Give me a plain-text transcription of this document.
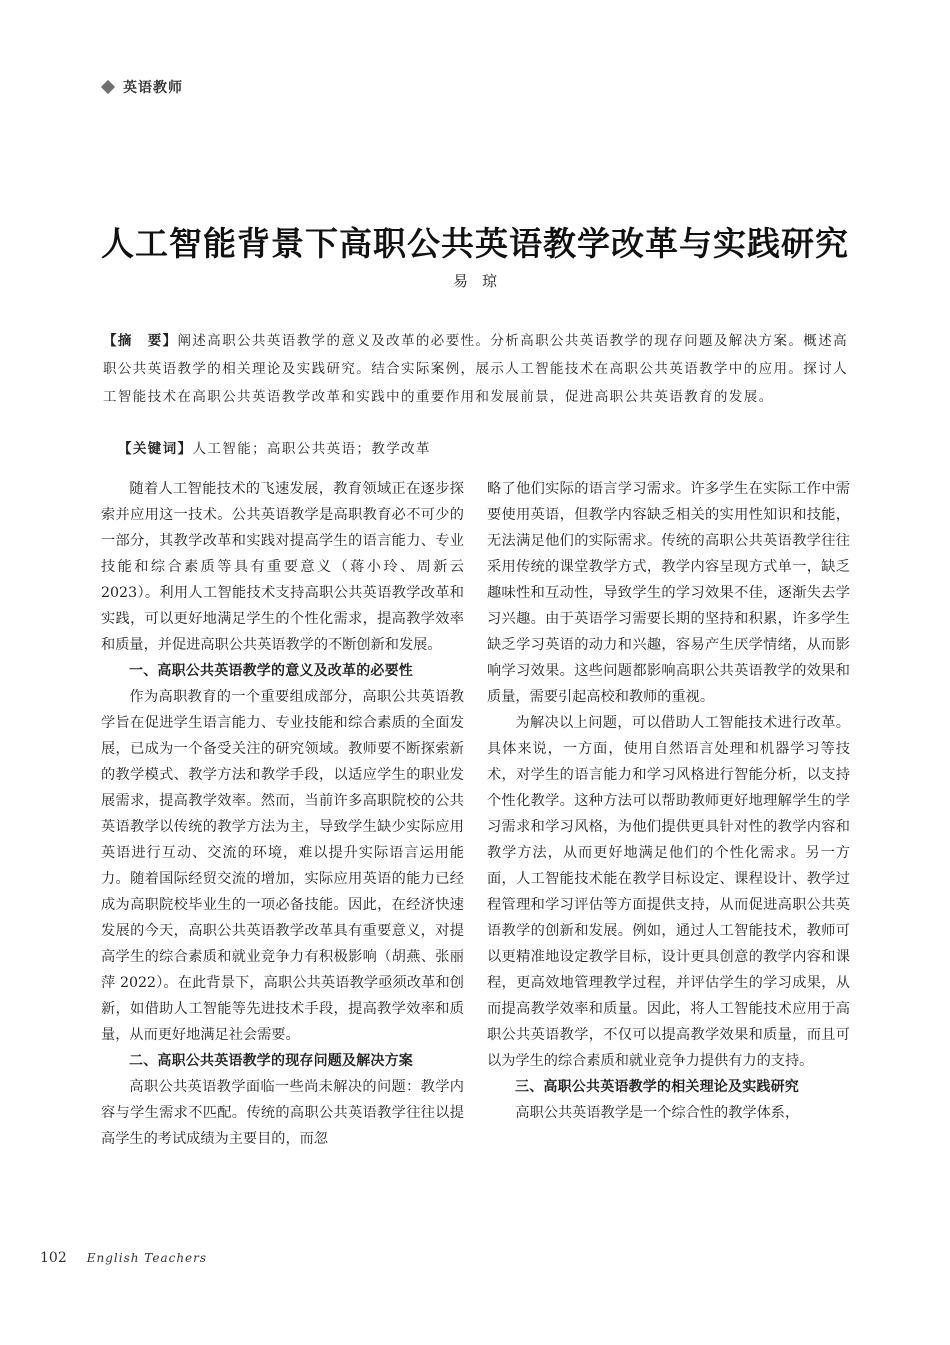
英语教师
人工智能背景下高职公共英语教学改革与实践研究
易琼
【摘　要】阐述高职公共英语教学的意义及改革的必要性。分析高职公共英语教学的现存问题及解决方案。概述高职公共英语教学的相关理论及实践研究。结合实际案例，展示人工智能技术在高职公共英语教学中的应用。探讨人工智能技术在高职公共英语教学改革和实践中的重要作用和发展前景，促进高职公共英语教育的发展。
【关键词】人工智能；高职公共英语；教学改革

随着人工智能技术的飞速发展，教育领域正在逐步探索并应用这一技术。公共英语教学是高职教育必不可少的一部分，其教学改革和实践对提高学生的语言能力、专业技能和综合素质等具有重要意义（蒋小玲、周新云 2023）。利用人工智能技术支持高职公共英语教学改革和实践，可以更好地满足学生的个性化需求，提高教学效率和质量，并促进高职公共英语教学的不断创新和发展。

一、高职公共英语教学的意义及改革的必要性

作为高职教育的一个重要组成部分，高职公共英语教学旨在促进学生语言能力、专业技能和综合素质的全面发展，已成为一个备受关注的研究领域。教师要不断探索新的教学模式、教学方法和教学手段，以适应学生的职业发展需求，提高教学效率。然而，当前许多高职院校的公共英语教学以传统的教学方法为主，导致学生缺少实际应用英语进行互动、交流的环境，难以提升实际语言运用能力。随着国际经贸交流的增加，实际应用英语的能力已经成为高职院校毕业生的一项必备技能。因此，在经济快速发展的今天，高职公共英语教学改革具有重要意义，对提高学生的综合素质和就业竞争力有积极影响（胡燕、张丽萍 2022）。在此背景下，高职公共英语教学亟须改革和创新，如借助人工智能等先进技术手段，提高教学效率和质量，从而更好地满足社会需要。

二、高职公共英语教学的现存问题及解决方案

高职公共英语教学面临一些尚未解决的问题：教学内容与学生需求不匹配。传统的高职公共英语教学往往以提高学生的考试成绩为主要目的，而忽

略了他们实际的语言学习需求。许多学生在实际工作中需要使用英语，但教学内容缺乏相关的实用性知识和技能，无法满足他们的实际需求。传统的高职公共英语教学往往采用传统的课堂教学方式，教学内容呈现方式单一，缺乏趣味性和互动性，导致学生的学习效果不佳，逐渐失去学习兴趣。由于英语学习需要长期的坚持和积累，许多学生缺乏学习英语的动力和兴趣，容易产生厌学情绪，从而影响学习效果。这些问题都影响高职公共英语教学的效果和质量，需要引起高校和教师的重视。

为解决以上问题，可以借助人工智能技术进行改革。具体来说，一方面，使用自然语言处理和机器学习等技术，对学生的语言能力和学习风格进行智能分析，以支持个性化教学。这种方法可以帮助教师更好地理解学生的学习需求和学习风格，为他们提供更具针对性的教学内容和教学方法，从而更好地满足他们的个性化需求。另一方面，人工智能技术能在教学目标设定、课程设计、教学过程管理和学习评估等方面提供支持，从而促进高职公共英语教学的创新和发展。例如，通过人工智能技术，教师可以更精准地设定教学目标，设计更具创意的教学内容和课程，更高效地管理教学过程，并评估学生的学习成果，从而提高教学效率和质量。因此，将人工智能技术应用于高职公共英语教学，不仅可以提高教学效果和质量，而且可以为学生的综合素质和就业竞争力提供有力的支持。

三、高职公共英语教学的相关理论及实践研究

高职公共英语教学是一个综合性的教学体系，

102 English Teachers
